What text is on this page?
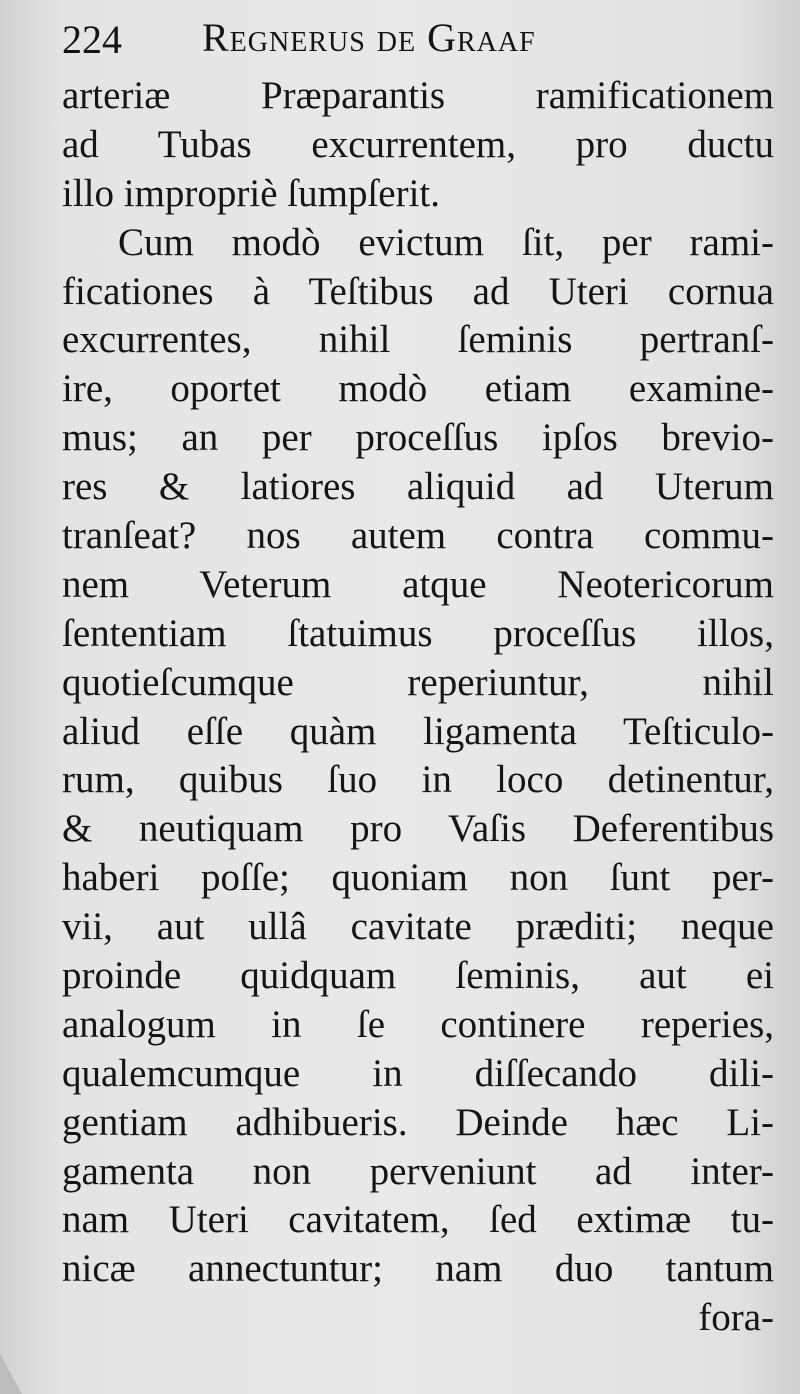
224 Regnerus de Graaf
arteriæ Præparantis ramificationem
ad Tubas excurrentem, pro ductu
illo impropriè ſumpſerit.
Cum modò evictum ſit, per rami-
ficationes à Teſtibus ad Uteri cornua
excurrentes, nihil ſeminis pertranſ-
ire, oportet modò etiam examine-
mus; an per proceſſus ipſos brevio-
res & latiores aliquid ad Uterum
tranſeat? nos autem contra commu-
nem Veterum atque Neotericorum
ſententiam ſtatuimus proceſſus illos,
quotieſcumque reperiuntur, nihil
aliud eſſe quàm ligamenta Teſticulo-
rum, quibus ſuo in loco detinentur,
& neutiquam pro Vaſis Deferentibus
haberi poſſe; quoniam non ſunt per-
vii, aut ullâ cavitate præditi; neque
proinde quidquam ſeminis, aut ei
analogum in ſe continere reperies,
qualemcumque in diſſecando dili-
gentiam adhibueris. Deinde hæc Li-
gamenta non perveniunt ad inter-
nam Uteri cavitatem, ſed extimæ tu-
nicæ annectuntur; nam duo tantum
fora-
